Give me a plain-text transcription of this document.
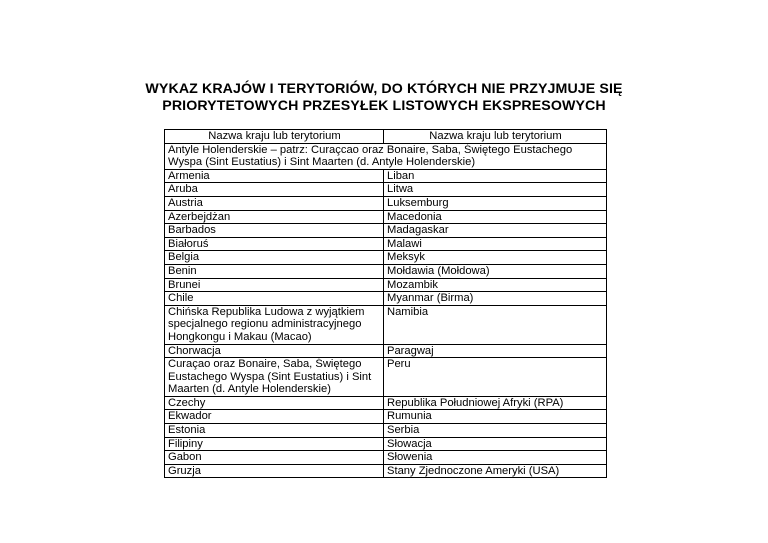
WYKAZ KRAJÓW I TERYTORIÓW, DO KTÓRYCH NIE PRZYJMUJE SIĘ
PRIORYTETOWYCH PRZESYŁEK LISTOWYCH EKSPRESOWYCH
Nazwa kraju lub terytorium	Nazwa kraju lub terytorium
Antyle Holenderskie – patrz: Curaçcao oraz Bonaire, Saba, Świętego Eustachego Wyspa (Sint Eustatius) i Sint Maarten (d. Antyle Holenderskie)	
Armenia	Liban
Aruba	Litwa
Austria	Luksemburg
Azerbejdżan	Macedonia
Barbados	Madagaskar
Białoruś	Malawi
Belgia	Meksyk
Benin	Mołdawia (Mołdowa)
Brunei	Mozambik
Chile	Myanmar (Birma)
Chińska Republika Ludowa z wyjątkiem specjalnego regionu administracyjnego Hongkongu i Makau (Macao)	Namibia
Chorwacja	Paragwaj
Curaçao oraz Bonaire, Saba, Świętego Eustachego Wyspa (Sint Eustatius) i Sint Maarten (d. Antyle Holenderskie)	Peru
Czechy	Republika Południowej Afryki (RPA)
Ekwador	Rumunia
Estonia	Serbia
Filipiny	Słowacja
Gabon	Słowenia
Gruzja	Stany Zjednoczone Ameryki (USA)
